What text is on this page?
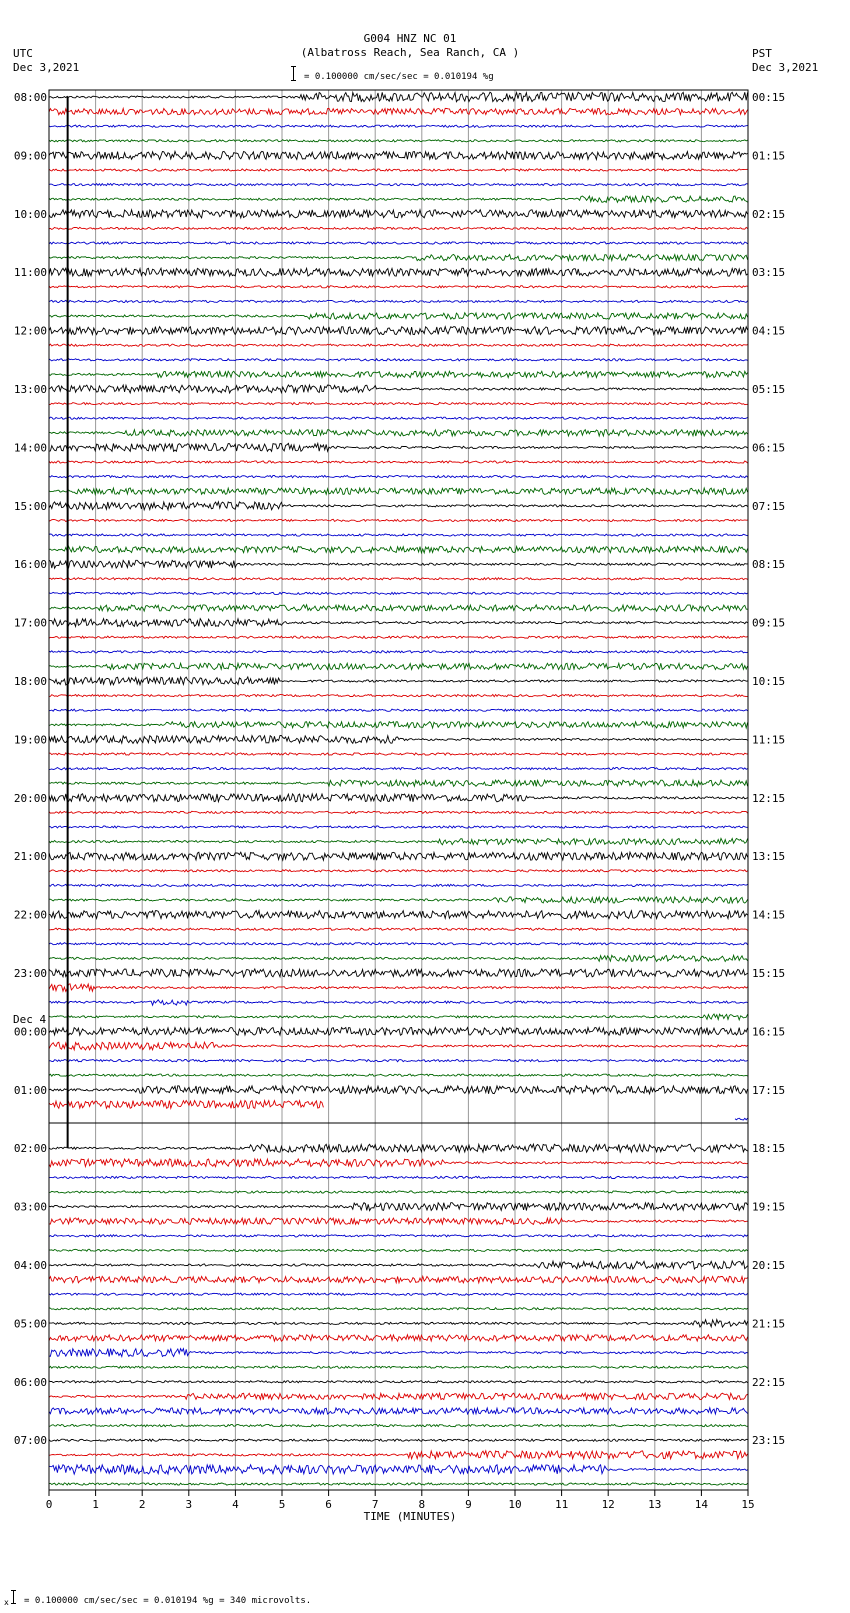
0	1	2	3	4	5	6	7	8	9	10	11	12	13	14	15
TIME (MINUTES)
08:00	00:15
09:00	01:15
10:00	02:15
11:00	03:15
12:00	04:15
13:00	05:15
14:00	06:15
15:00	07:15
16:00	08:15
17:00	09:15
18:00	10:15
19:00	11:15
20:00	12:15
21:00	13:15
22:00	14:15
23:00	15:15
00:00	16:15
01:00	17:15
02:00	18:15
03:00	19:15
04:00	20:15
05:00	21:15
06:00	22:15
07:00	23:15
Dec 4
G004 HNZ NC 01
(Albatross Reach, Sea Ranch, CA )
= 0.100000 cm/sec/sec = 0.010194 %g
UTC
Dec 3,2021
PST
Dec 3,2021
x = 0.100000 cm/sec/sec = 0.010194 %g = 340 microvolts.
